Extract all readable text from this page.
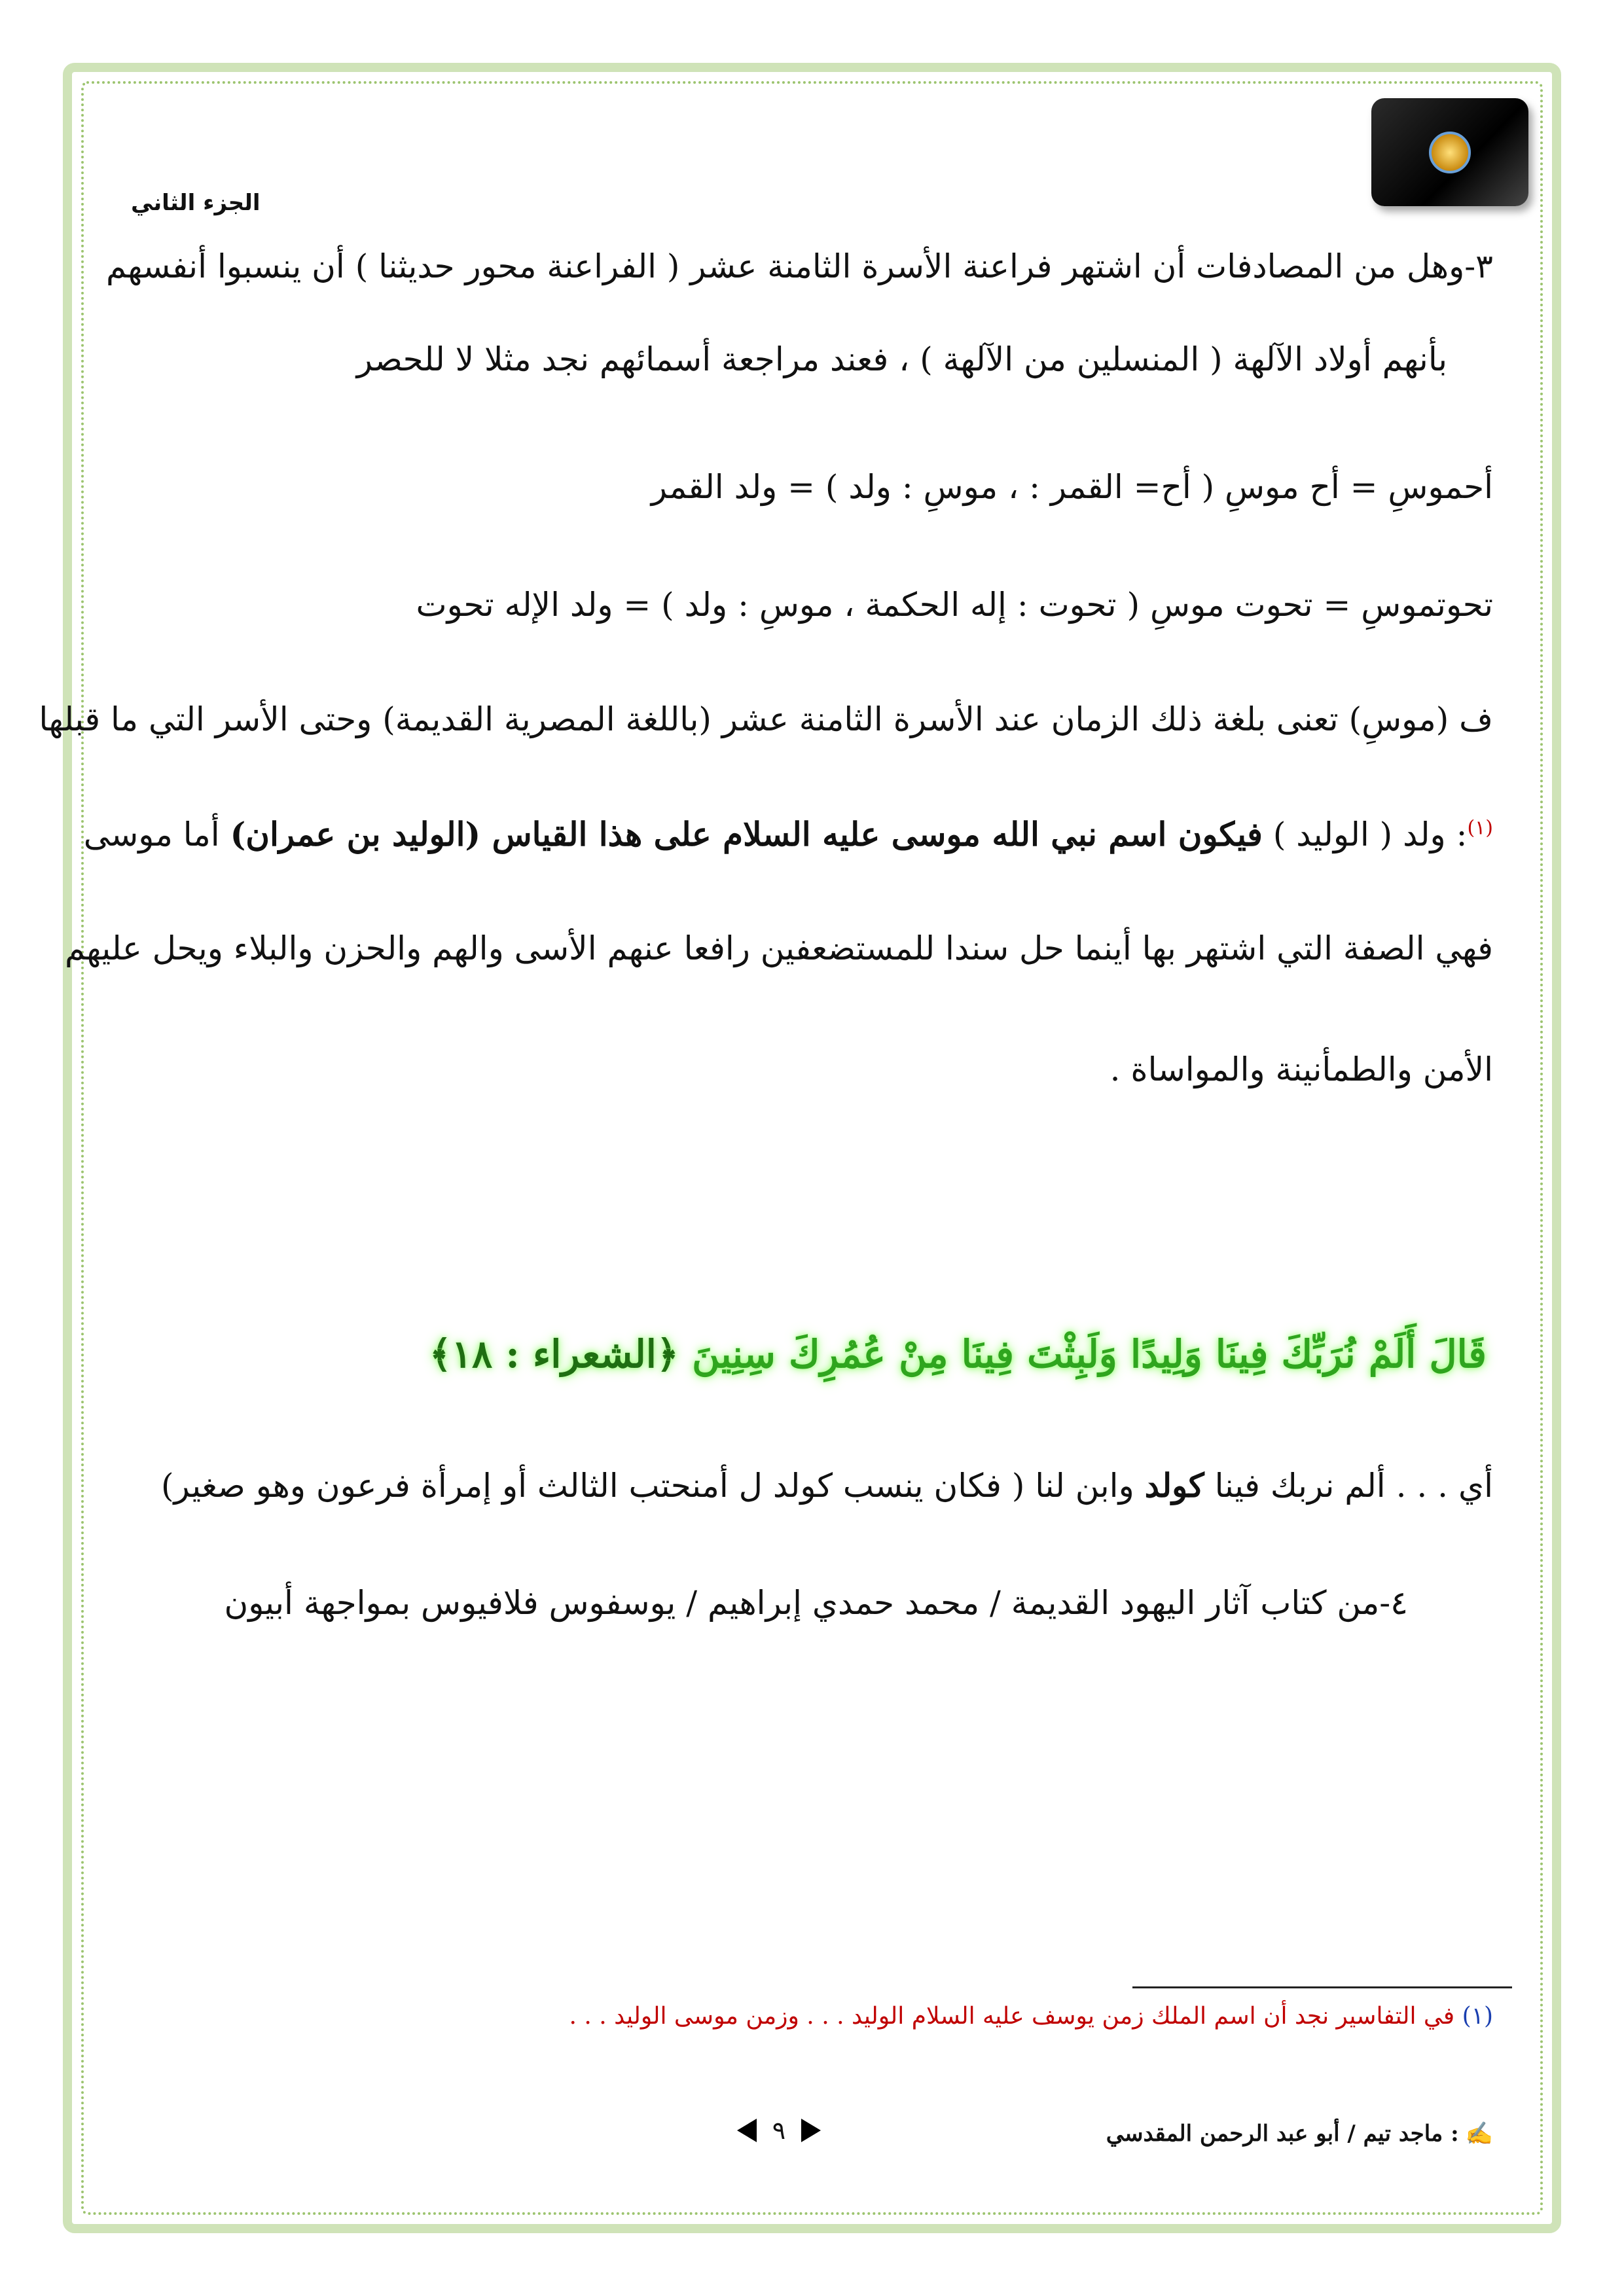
الجزء الثاني
٣-وهل من المصادفات أن اشتهر فراعنة الأسرة الثامنة عشر ( الفراعنة محور حديثنا ) أن ينسبوا أنفسهم
بأنهم أولاد الآلهة ( المنسلين من الآلهة ) ، فعند مراجعة أسمائهم نجد مثلا لا للحصر
أحموسِ = أح موسِ ( أح= القمر : ، موسِ : ولد ) = ولد القمر
تحوتموسِ = تحوت موسِ ( تحوت : إله الحكمة ، موسِ : ولد ) = ولد الإله تحوت
ف (موسِ) تعنى بلغة ذلك الزمان عند الأسرة الثامنة عشر (باللغة المصرية القديمة) وحتى الأسر التي ما قبلها
$^{(١)}$: ولد ( الوليد ) فيكون اسم نبي الله موسى عليه السلام على هذا القياس (الوليد بن عمران) أما موسى
فهي الصفة التي اشتهر بها أينما حل سندا للمستضعفين رافعا عنهم الأسى والهم والحزن والبلاء ويحل عليهم
الأمن والطمأنينة والمواساة .
قَالَ أَلَمْ نُرَبِّكَ فِينَا وَلِيدًا وَلَبِثْتَ فِينَا مِنْ عُمُرِكَ سِنِينَ ﴿الشعراء : ١٨﴾
أي . . . ألم نربك فينا كولد وابن لنا ( فكان ينسب كولد ل أمنحتب الثالث أو إمرأة فرعون وهو صغير)
٤-من كتاب آثار اليهود القديمة / محمد حمدي إبراهيم / يوسفوس فلافيوس بمواجهة أبيون
(١) في التفاسير نجد أن اسم الملك زمن يوسف عليه السلام الوليد . . . وزمن موسى الوليد . . .
٩	✍
: ماجد تيم / أبو عبد الرحمن المقدسي
